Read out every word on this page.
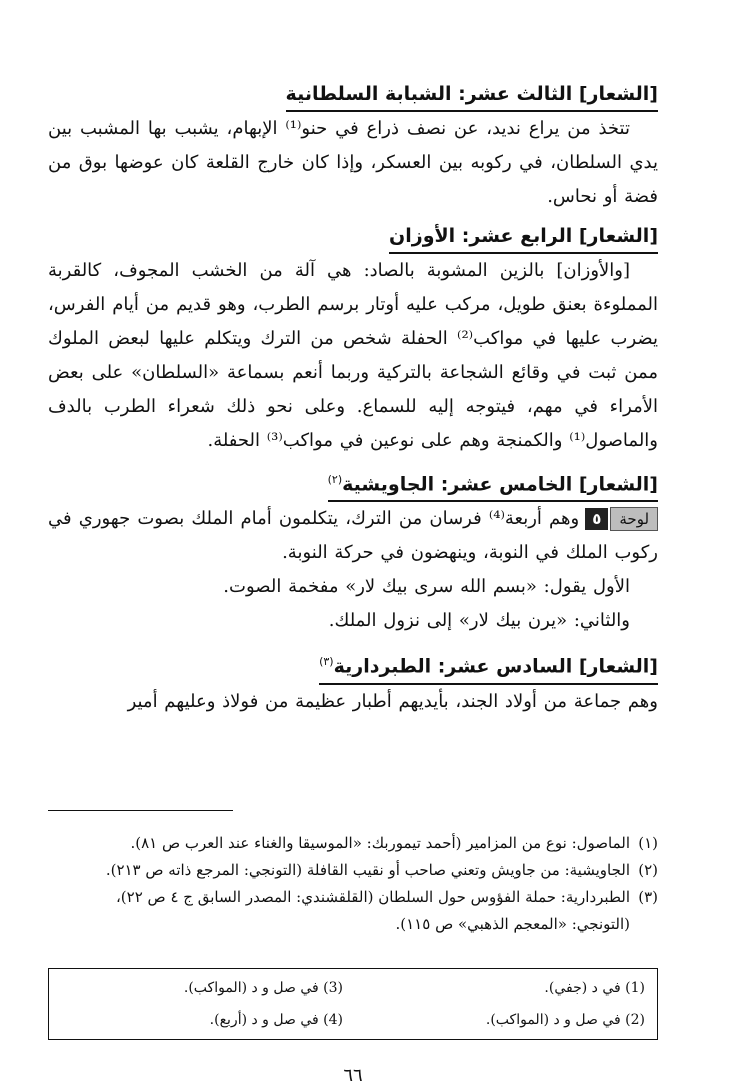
[الشعار] الثالث عشر: الشبابة السلطانية

تتخذ من يراع نديد، عن نصف ذراع في حنو⁽¹⁾ الإبهام، يشبب بها المشبب بين يدي السلطان، في ركوبه بين العسكر، وإذا كان خارج القلعة كان عوضها بوق من فضة أو نحاس.

[الشعار] الرابع عشر: الأوزان

[والأوزان] بالزين المشوبة بالصاد: هي آلة من الخشب المجوف، كالقربة المملوءة بعنق طويل، مركب عليه أوتار برسم الطرب، وهو قديم من أيام الفرس، يضرب عليها في مواكب⁽²⁾ الحفلة شخص من الترك ويتكلم عليها لبعض الملوك ممن ثبت في وقائع الشجاعة بالتركية وربما أنعم بسماعة «السلطان» على بعض الأمراء في مهم، فيتوجه إليه للسماع. وعلى نحو ذلك شعراء الطرب بالدف والماصول⁽¹⁾ والكمنجة وهم على نوعين في مواكب⁽³⁾ الحفلة.

[الشعار] الخامس عشر: الجاويشية$^{(٢)}$

لوحة
٥
وهم أربعة⁽⁴⁾ فرسان من الترك، يتكلمون أمام الملك بصوت جهوري في ركوب الملك في النوبة، وينهضون في حركة النوبة.

الأول يقول: «بسم الله سرى بيك لار» مفخمة الصوت.

والثاني: «يرن بيك لار» إلى نزول الملك.

[الشعار] السادس عشر: الطبردارية$^{(٣)}$

وهم جماعة من أولاد الجند، بأيديهم أطبار عظيمة من فولاذ وعليهم أمير

(١)الماصول: نوع من المزامير (أحمد تيموربك: «الموسيقا والغناء عند العرب ص ٨١).

(٢)الجاويشية: من جاويش وتعني صاحب أو نقيب القافلة (التونجي: المرجع ذاته ص ٢١٣).

(٣)الطبردارية: حملة الفؤوس حول السلطان (القلقشندي: المصدر السابق ج ٤ ص ٢٢)،

(التونجي: «المعجم الذهبي» ص ١١٥).

(1) في د (جفي).
(3) في صل و د (المواكب).
(2) في صل و د (المواكب).
(4) في صل و د (أربع).
٦٦
